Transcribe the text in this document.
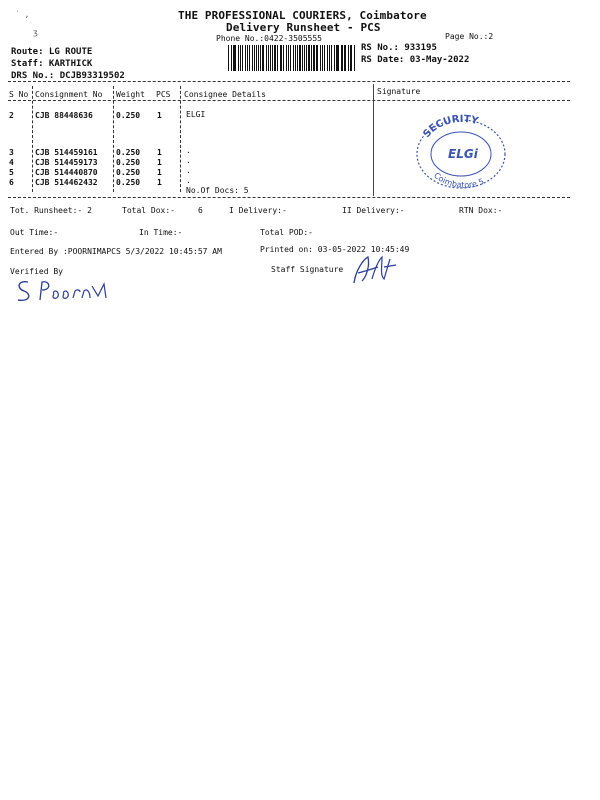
˙ ,
ʒ
THE PROFESSIONAL COURIERS, Coimbatore
Delivery Runsheet - PCS
Phone No.:0422-3505555	Page No.:2
Route: LG ROUTE
Staff: KARTHICK
DRS No.: DCJB93319502
RS No.: 933195
RS Date: 03-May-2022
S No Consignment No Weight PCS Consignee Details	Signature
2	CJB 88448636	0.250 1	ELGI
3	CJB 514459161 0.250 1	.
4	CJB 514459173 0.250 1	.
5	CJB 514440870 0.250 1	.
6	CJB 514462432 0.250 1	.
No.Of Docs: 5
SECURITY
ELGi
Coimbatore 5
Tot. Runsheet:- 2	Total Dox:-	6	I Delivery:-	II Delivery:-	RTN Dox:-
Out Time:-	In Time:-	Total POD:-
Entered By :POORNIMAPCS 5/3/2022 10:45:57 AM	Printed on: 03-05-2022 10:45:49
Verified By	Staff Signature
